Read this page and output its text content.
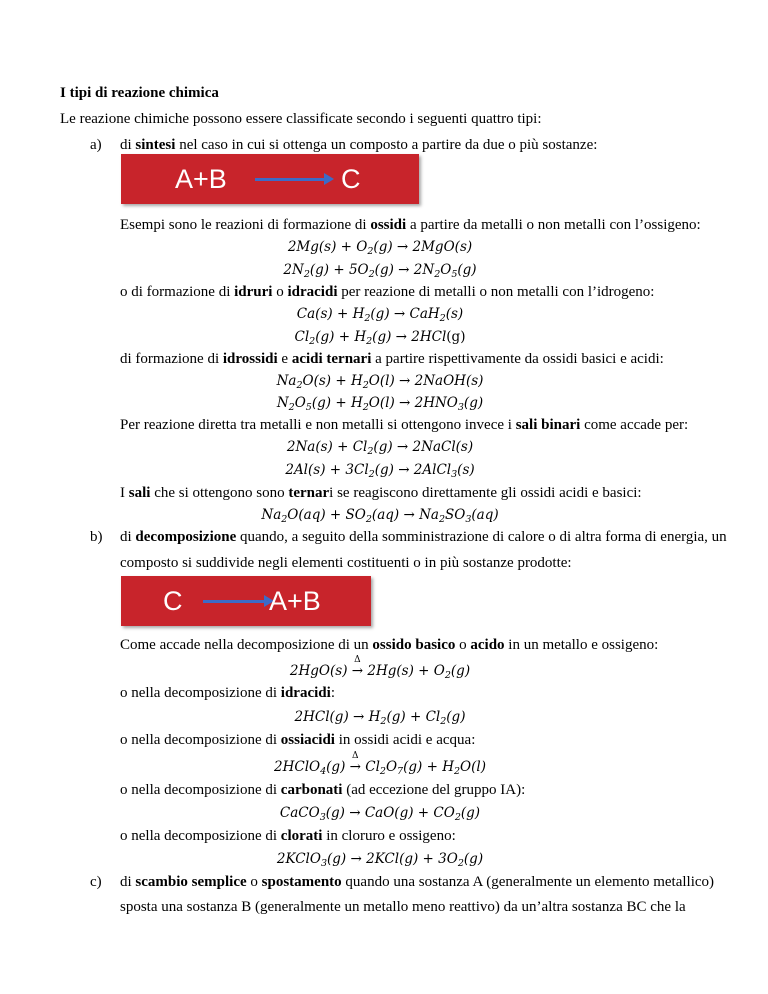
I tipi di reazione chimica
Le reazione chimiche possono essere classificate secondo i seguenti quattro tipi:
a) di sintesi nel caso in cui si ottenga un composto a partire da due o più sostanze:
A+B	C
Esempi sono le reazioni di formazione di ossidi a partire da metalli o non metalli con l’ossigeno:
$2Mg(s) + O_2(g) \to 2MgO(s)$
$2N_2(g) + 5O_2(g) \to 2N_2O_5(g)$
o di formazione di idruri o idracidi per reazione di metalli o non metalli con l’idrogeno:
$Ca(s) + H_2(g) \to CaH_2(s)$
$Cl_2(g) + H_2(g) \to 2HCl(g)$
di formazione di idrossidi e acidi ternari a partire rispettivamente da ossidi basici e acidi:
$Na_2O(s) + H_2O(l)$ → 2NaOH(s)
$N_2O_5(g) + H_2O(l) \to 2HNO_3(g)$
Per reazione diretta tra metalli e non metalli si ottengono invece i sali binari come accade per:
$2Na(s) + Cl_2(g)$ → 2NaCl(s)
$2Al(s) + 3Cl_2(g)$ → 2AlCl$_3$(s)
I sali che si ottengono sono ternari se reagiscono direttamente gli ossidi acidi e basici:
$Na_2O(aq) + SO_2(aq) \to Na_2SO_3(aq)$
b) di decomposizione quando, a seguito della somministrazione di calore o di altra forma di energia, un
composto si suddivide negli elementi costituenti o in più sostanze prodotte:
C	A+B
Come accade nella decomposizione di un ossido basico o acido in un metallo e ossigeno:
2HgO(s) →
Δ
$2Hg(s) + O_2(g)$
o nella decomposizione di idracidi:
$2HCl(g) \to H_2(g) + Cl_2(g)$
o nella decomposizione di ossiacidi in ossidi acidi e acqua:
2HClO$_4$(g) →
Δ
$Cl_2O_7(g) + H_2O(l)$
o nella decomposizione di carbonati (ad eccezione del gruppo IA):
CaCO$_3$(g) → $CaO(g) + CO_2(g)$
o nella decomposizione di clorati in cloruro e ossigeno:
2KClO$_3$(g) → $2KCl(g) + 3O_2(g)$
c) di scambio semplice o spostamento quando una sostanza A (generalmente un elemento metallico)
sposta una sostanza B (generalmente un metallo meno reattivo) da un’altra sostanza BC che la
